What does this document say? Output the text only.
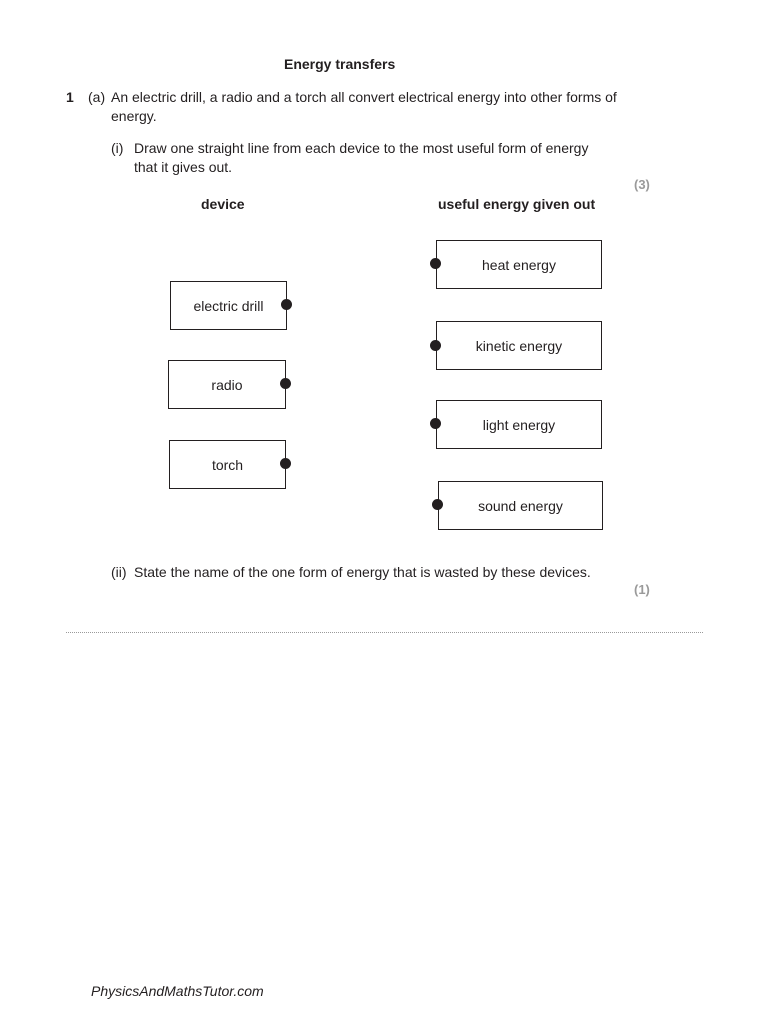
Energy transfers
1 (a) An electric drill, a radio and a torch all convert electrical energy into other forms of energy.
(i) Draw one straight line from each device to the most useful form of energy that it gives out.
(3)
device	useful energy given out
electric drill
radio
torch
heat energy
kinetic energy
light energy
sound energy
(ii) State the name of the one form of energy that is wasted by these devices.
(1)
PhysicsAndMathsTutor.com
